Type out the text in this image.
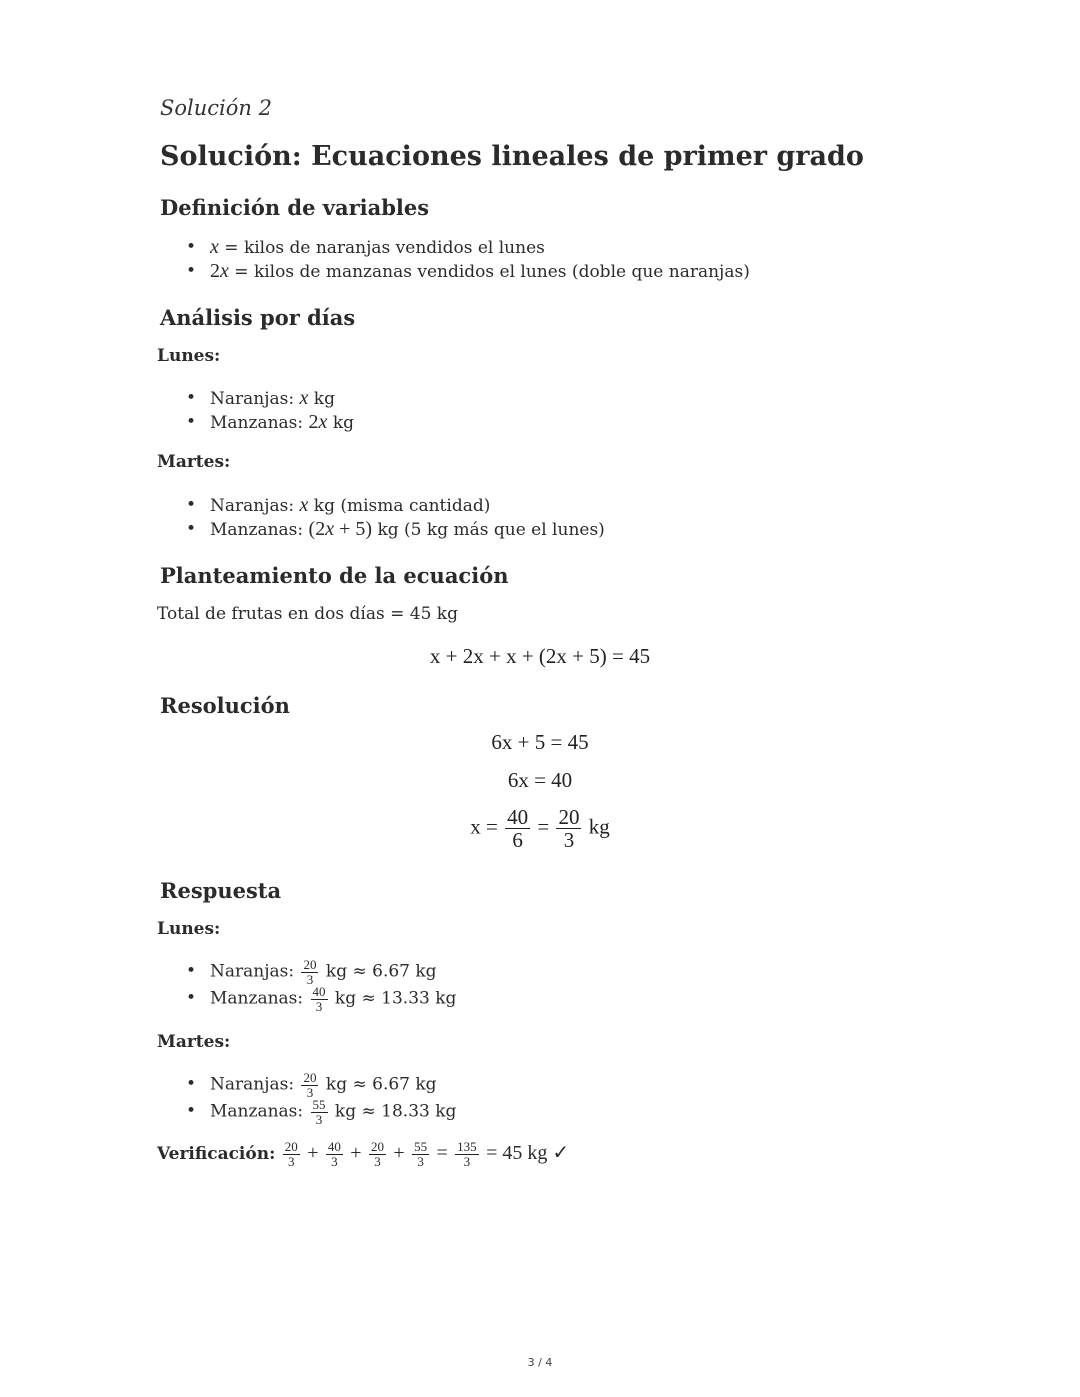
Solución 2
Solución: Ecuaciones lineales de primer grado
Definición de variables
• x = kilos de naranjas vendidos el lunes
• 2x = kilos de manzanas vendidos el lunes (doble que naranjas)
Análisis por días
Lunes:
• Naranjas: x kg
• Manzanas: 2x kg
Martes:
• Naranjas: x kg (misma cantidad)
• Manzanas: (2x + 5) kg (5 kg más que el lunes)
Planteamiento de la ecuación
Total de frutas en dos días = 45 kg
x + 2x + x + (2x + 5) = 45
Resolución
6x + 5 = 45
6x = 40
$x = \frac{40}{6} = \frac{20}{3}$ kg
Respuesta
Lunes:
• Naranjas: $\frac{20}{3}$ kg ≈ 6.67 kg
• Manzanas: $\frac{40}{3}$ kg ≈ 13.33 kg
Martes:
• Naranjas: $\frac{20}{3}$ kg ≈ 6.67 kg
• Manzanas: $\frac{55}{3}$ kg ≈ 18.33 kg
Verificación: $\frac{20}{3} + \frac{40}{3} + \frac{20}{3} + \frac{55}{3} = \frac{135}{3} = 45$ kg ✓
3 / 4
